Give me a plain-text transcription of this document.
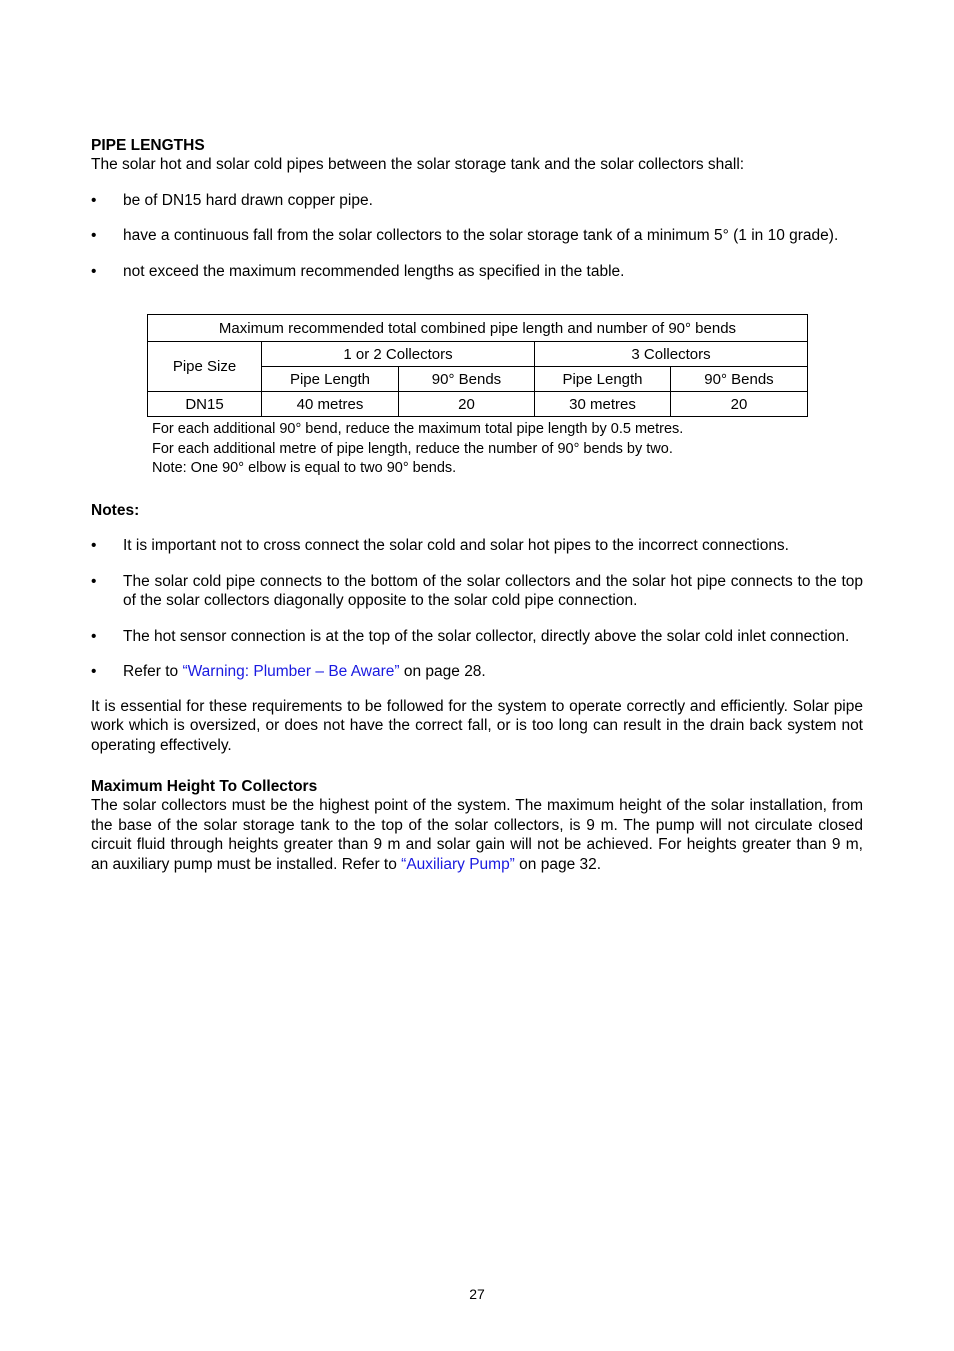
PIPE LENGTHS

The solar hot and solar cold pipes between the solar storage tank and the solar collectors shall:

• be of DN15 hard drawn copper pipe.
• have a continuous fall from the solar collectors to the solar storage tank of a minimum 5° (1 in 10 grade).
• not exceed the maximum recommended lengths as specified in the table.
Maximum recommended total combined pipe length and number of 90° bends				
Pipe Size	1 or 2 Collectors		3 Collectors	
	Pipe Length	90° Bends	Pipe Length	90° Bends
DN15	40 metres	20	30 metres	20
For each additional 90° bend, reduce the maximum total pipe length by 0.5 metres.
For each additional metre of pipe length, reduce the number of 90° bends by two.
Note: One 90° elbow is equal to two 90° bends.

Notes:

• It is important not to cross connect the solar cold and solar hot pipes to the incorrect connections.
• The solar cold pipe connects to the bottom of the solar collectors and the solar hot pipe connects to the top of the solar collectors diagonally opposite to the solar cold pipe connection.
• The hot sensor connection is at the top of the solar collector, directly above the solar cold inlet connection.
• Refer to “Warning: Plumber – Be Aware” on page 28.

It is essential for these requirements to be followed for the system to operate correctly and efficiently. Solar pipe work which is oversized, or does not have the correct fall, or is too long can result in the drain back system not operating effectively.

Maximum Height To Collectors

The solar collectors must be the highest point of the system. The maximum height of the solar installation, from the base of the solar storage tank to the top of the solar collectors, is 9 m. The pump will not circulate closed circuit fluid through heights greater than 9 m and solar gain will not be achieved. For heights greater than 9 m, an auxiliary pump must be installed. Refer to “Auxiliary Pump” on page 32.

27
